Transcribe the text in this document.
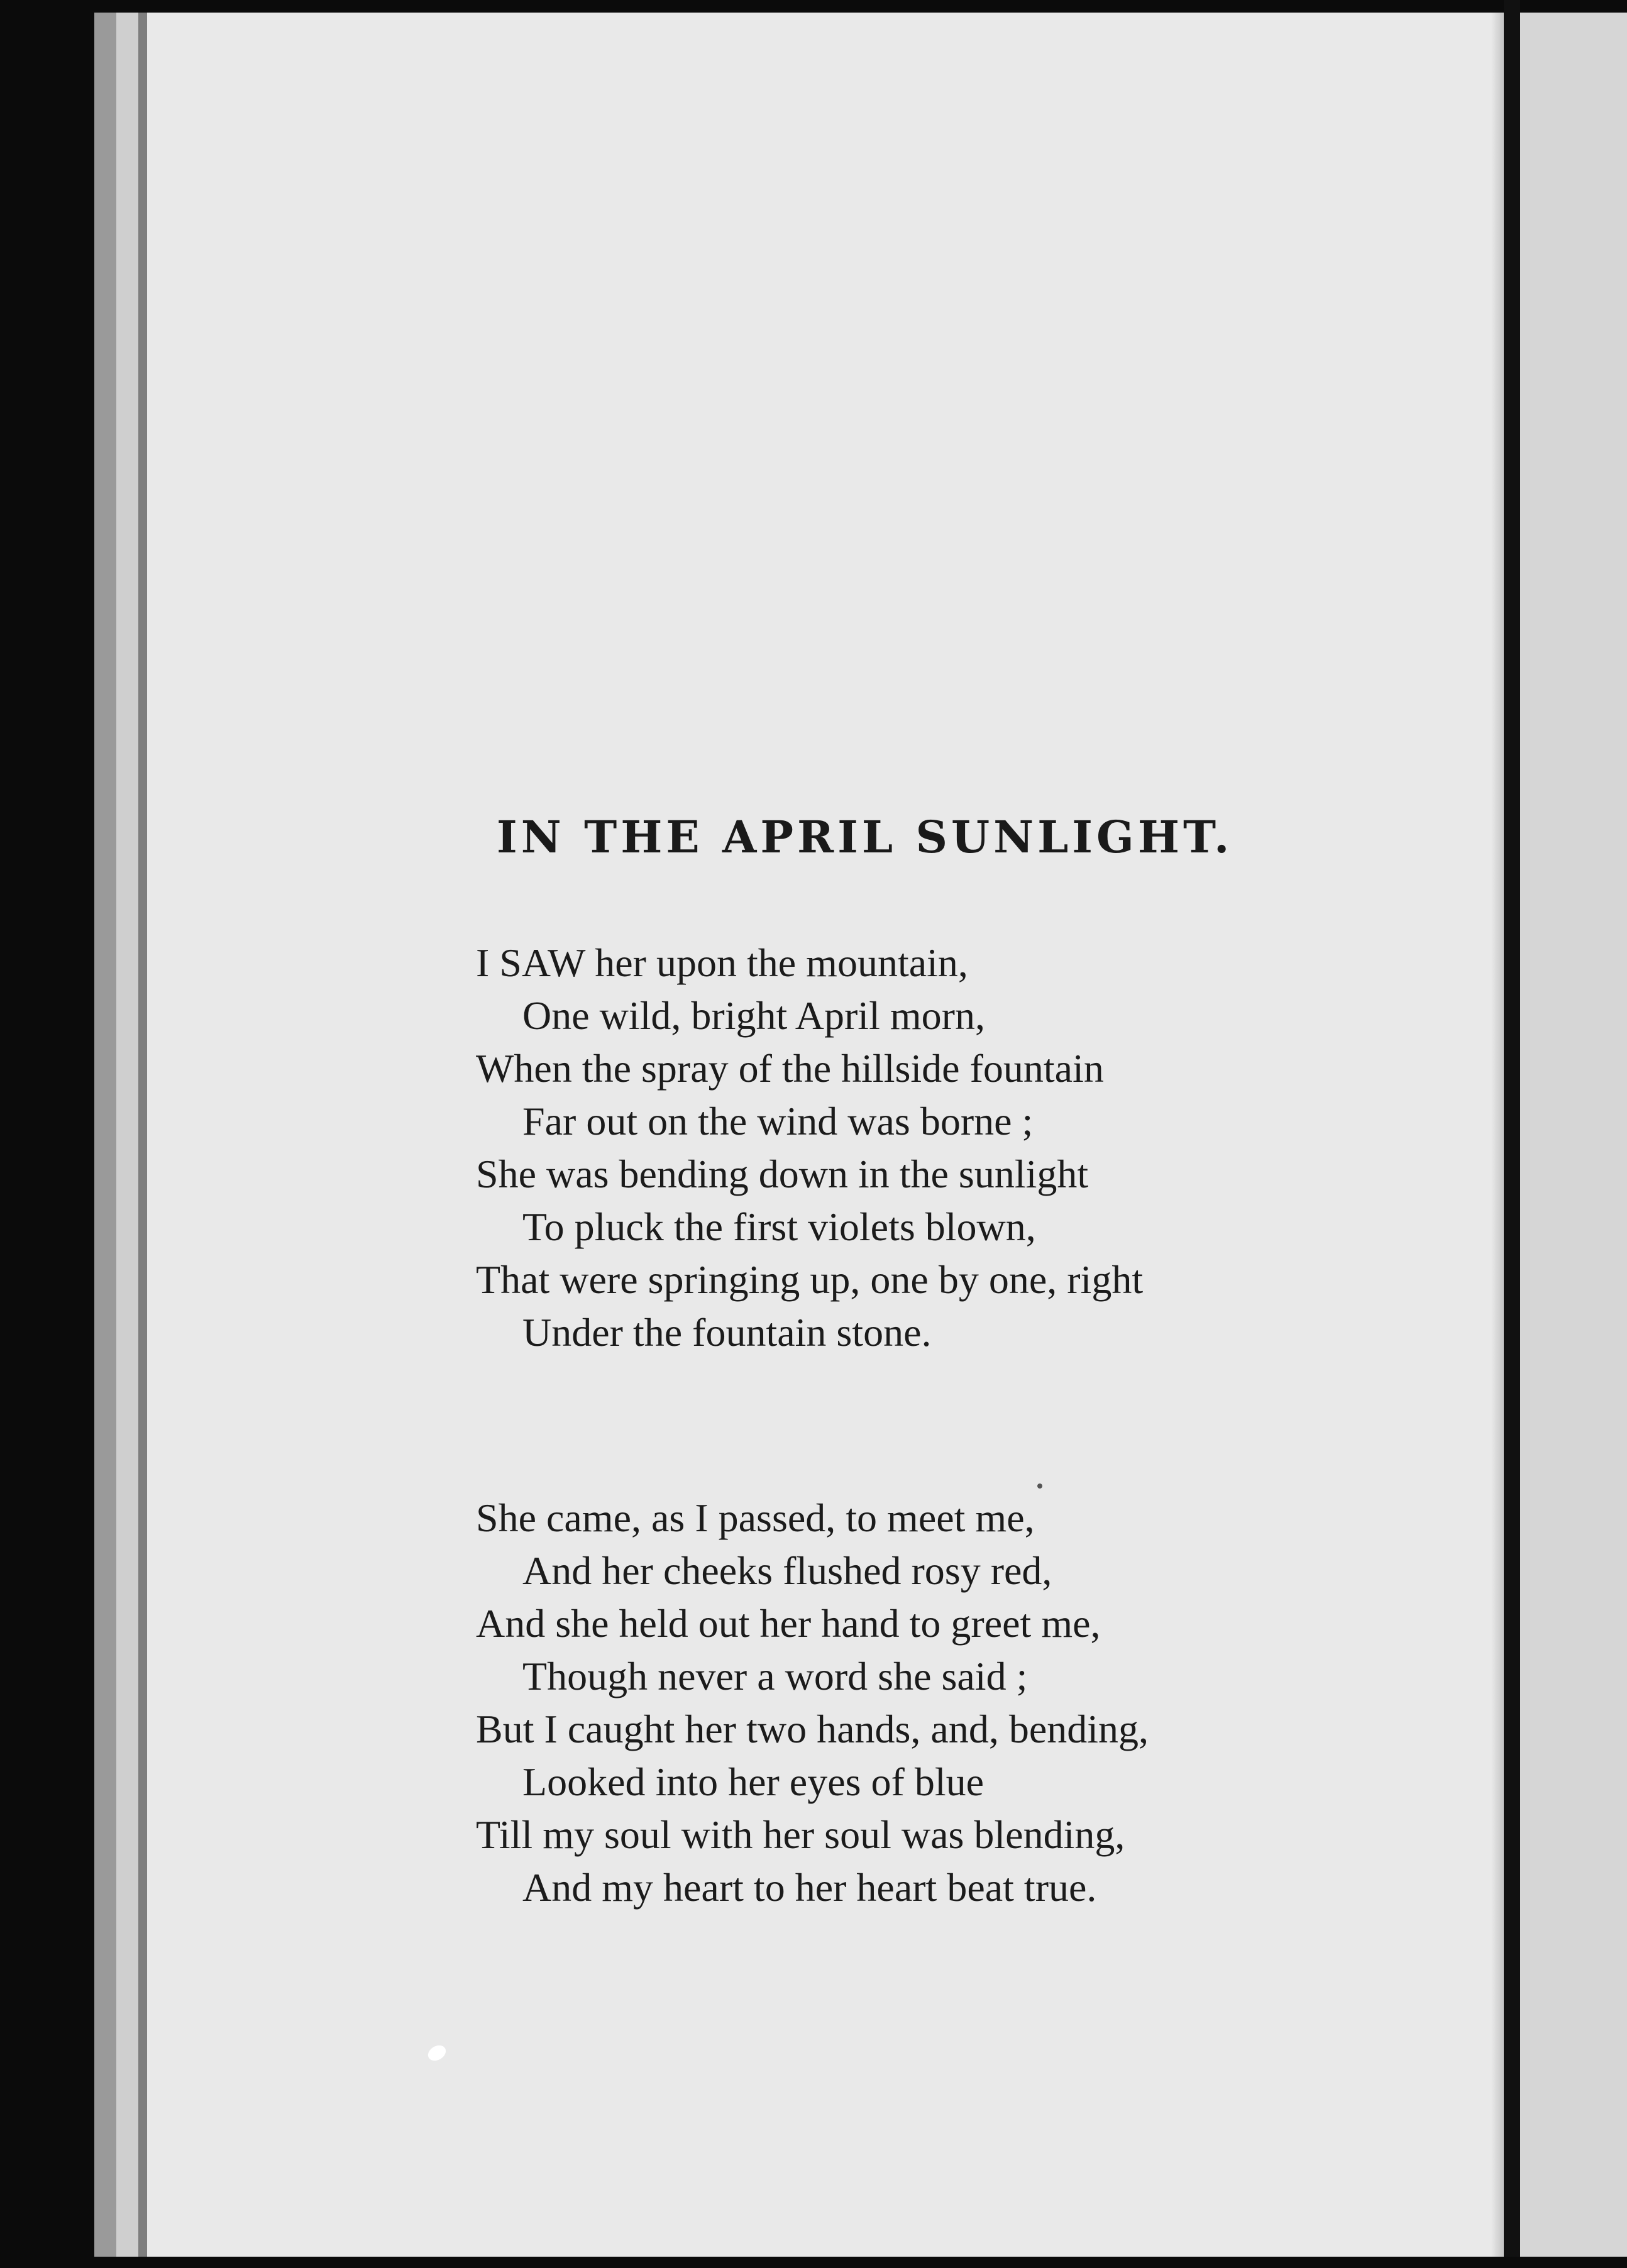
IN THE APRIL SUNLIGHT.
I SAW her upon the mountain,
One wild, bright April morn,
When the spray of the hillside fountain
Far out on the wind was borne ;
She was bending down in the sunlight
To pluck the first violets blown,
That were springing up, one by one, right
Under the fountain stone.
She came, as I passed, to meet me,
And her cheeks flushed rosy red,
And she held out her hand to greet me,
Though never a word she said ;
But I caught her two hands, and, bending,
Looked into her eyes of blue
Till my soul with her soul was blending,
And my heart to her heart beat true.
